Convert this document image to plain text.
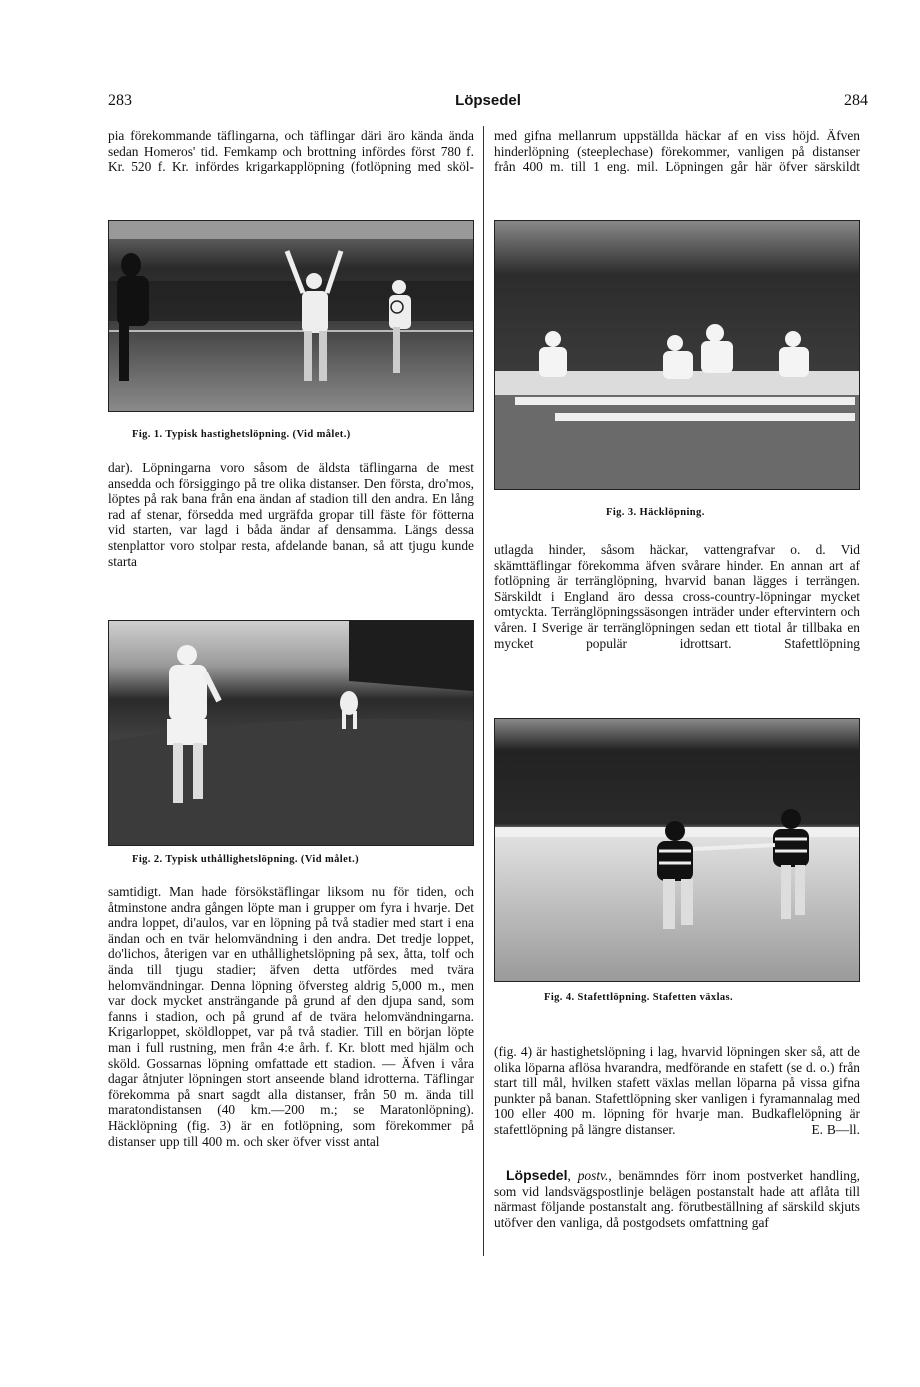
283	Löpsedel	284

pia förekommande täflingarna, och täflingar däri äro kända ända sedan Homeros' tid. Femkamp och brottning infördes först 780 f. Kr. 520 f. Kr. infördes krigarkapplöpning (fotlöpning med sköl-

Fig. 1. Typisk hastighetslöpning. (Vid målet.)

dar). Löpningarna voro såsom de äldsta täflingarna de mest ansedda och försiggingo på tre olika distanser. Den första, dro'mos, löptes på rak bana från ena ändan af stadion till den andra. En lång rad af stenar, försedda med urgräfda gropar till fäste för fötterna vid starten, var lagd i båda ändar af densamma. Längs dessa stenplattor voro stolpar resta, afdelande banan, så att tjugu kunde starta

Fig. 2. Typisk uthållighetslöpning. (Vid målet.)

samtidigt. Man hade försökstäflingar liksom nu för tiden, och åtminstone andra gången löpte man i grupper om fyra i hvarje. Det andra loppet, di'aulos, var en löpning på två stadier med start i ena ändan och en tvär helomvändning i den andra. Det tredje loppet, do'lichos, återigen var en uthållighetslöpning på sex, åtta, tolf och ända till tjugu stadier; äfven detta utfördes med tvära helomvändningar. Denna löpning öfversteg aldrig 5,000 m., men var dock mycket ansträngande på grund af den djupa sand, som fanns i stadion, och på grund af de tvära helomvändningarna. Krigarloppet, sköldloppet, var på två stadier. Till en början löpte man i full rustning, men från 4:e årh. f. Kr. blott med hjälm och sköld. Gossarnas löpning omfattade ett stadion. — Äfven i våra dagar åtnjuter löpningen stort anseende bland idrotterna. Täflingar förekomma på snart sagdt alla distanser, från 50 m. ända till maratondistansen (40 km.—200 m.; se Maratonlöpning). Häcklöpning (fig. 3) är en fotlöpning, som förekommer på distanser upp till 400 m. och sker öfver visst antal

med gifna mellanrum uppställda häckar af en viss höjd. Äfven hinderlöpning (steeplechase) förekommer, vanligen på distanser från 400 m. till 1 eng. mil. Löpningen går här öfver särskildt

Fig. 3. Häcklöpning.

utlagda hinder, såsom häckar, vattengrafvar o. d. Vid skämttäflingar förekomma äfven svårare hinder. En annan art af fotlöpning är terränglöpning, hvarvid banan lägges i terrängen. Särskildt i England äro dessa cross-country-löpningar mycket omtyckta. Terränglöpningssäsongen inträder under eftervintern och våren. I Sverige är terränglöpningen sedan ett tiotal år tillbaka en mycket populär idrottsart. Stafettlöpning

Fig. 4. Stafettlöpning. Stafetten växlas.

(fig. 4) är hastighetslöpning i lag, hvarvid löpningen sker så, att de olika löparna aflösa hvarandra, medförande en stafett (se d. o.) från start till mål, hvilken stafett växlas mellan löparna på vissa gifna punkter på banan. Stafettlöpning sker vanligen i fyramannalag med 100 eller 400 m. löpning för hvarje man. Budkaflelöpning är stafettlöpning på längre distanser.	E. B—ll.

Löpsedel, postv., benämndes förr inom postverket handling, som vid landsvägspostlinje belägen postanstalt hade att aflåta till närmast följande postanstalt ang. förutbeställning af särskild skjuts utöfver den vanliga, då postgodsets omfattning gaf
